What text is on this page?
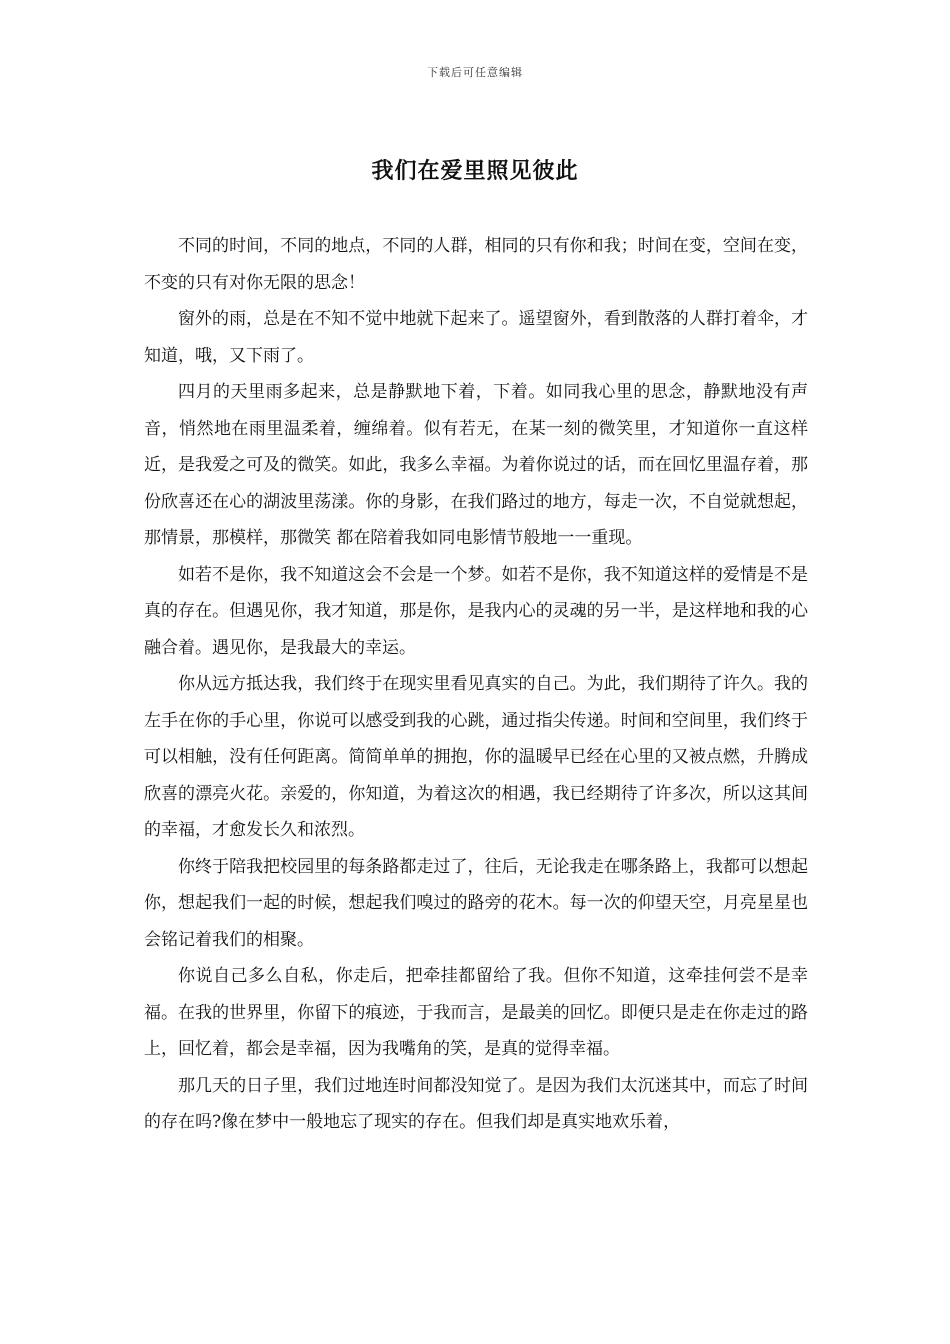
下载后可任意编辑
我们在爱里照见彼此

不同的时间，不同的地点，不同的人群，相同的只有你和我；时间在变，空间在变，不变的只有对你无限的思念！

窗外的雨，总是在不知不觉中地就下起来了。遥望窗外，看到散落的人群打着伞，才知道，哦，又下雨了。

四月的天里雨多起来，总是静默地下着，下着。如同我心里的思念，静默地没有声音，悄然地在雨里温柔着，缠绵着。似有若无，在某一刻的微笑里，才知道你一直这样近，是我爱之可及的微笑。如此，我多么幸福。为着你说过的话，而在回忆里温存着，那份欣喜还在心的湖波里荡漾。你的身影，在我们路过的地方，每走一次，不自觉就想起，那情景，那模样，那微笑 都在陪着我如同电影情节般地一一重现。

如若不是你，我不知道这会不会是一个梦。如若不是你，我不知道这样的爱情是不是真的存在。但遇见你，我才知道，那是你，是我内心的灵魂的另一半，是这样地和我的心融合着。遇见你，是我最大的幸运。

你从远方抵达我，我们终于在现实里看见真实的自己。为此，我们期待了许久。我的左手在你的手心里，你说可以感受到我的心跳，通过指尖传递。时间和空间里，我们终于可以相触，没有任何距离。简简单单的拥抱，你的温暖早已经在心里的又被点燃，升腾成欣喜的漂亮火花。亲爱的，你知道，为着这次的相遇，我已经期待了许多次，所以这其间的幸福，才愈发长久和浓烈。

你终于陪我把校园里的每条路都走过了，往后，无论我走在哪条路上，我都可以想起你，想起我们一起的时候，想起我们嗅过的路旁的花木。每一次的仰望天空，月亮星星也会铭记着我们的相聚。

你说自己多么自私，你走后，把牵挂都留给了我。但你不知道，这牵挂何尝不是幸福。在我的世界里，你留下的痕迹，于我而言，是最美的回忆。即便只是走在你走过的路上，回忆着，都会是幸福，因为我嘴角的笑，是真的觉得幸福。

那几天的日子里，我们过地连时间都没知觉了。是因为我们太沉迷其中，而忘了时间的存在吗?像在梦中一般地忘了现实的存在。但我们却是真实地欢乐着，
